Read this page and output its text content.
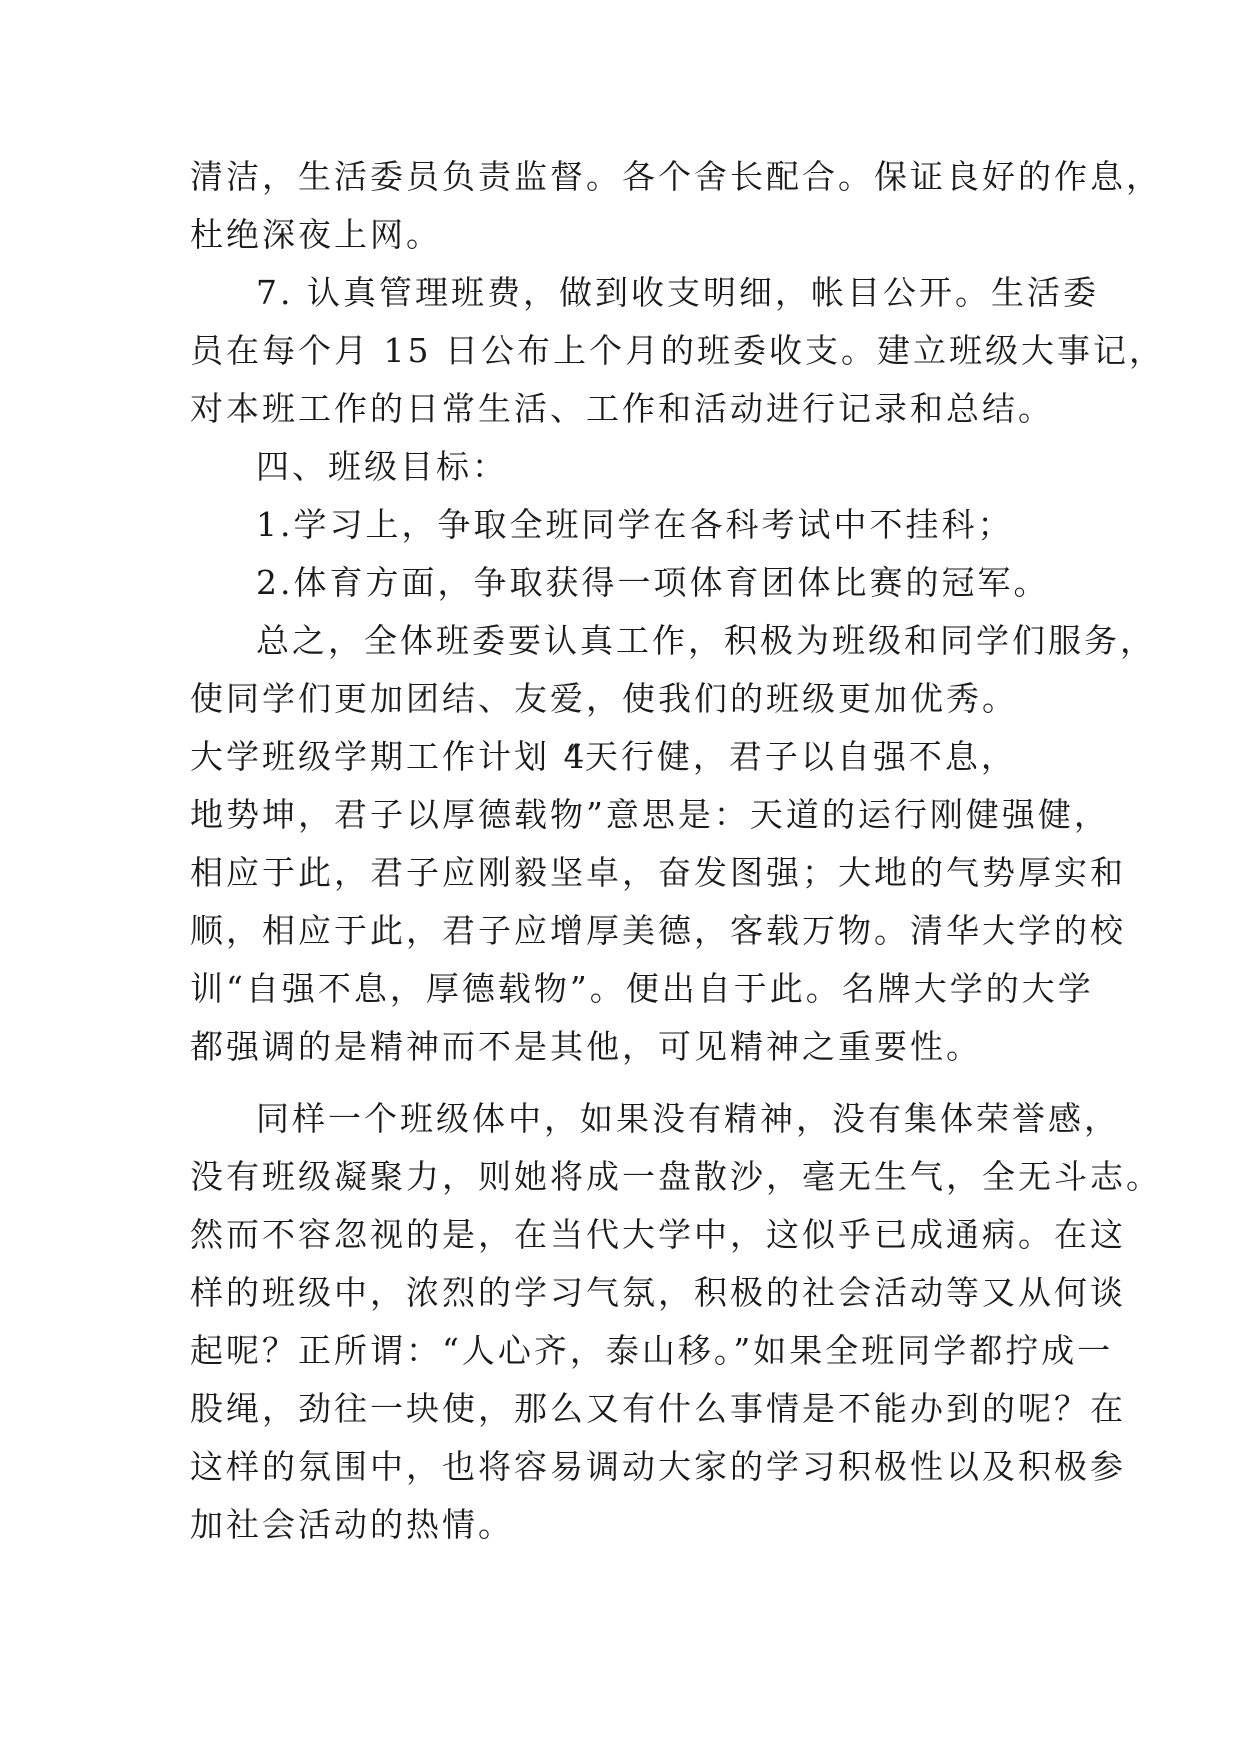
清洁，生活委员负责监督。各个舍长配合。保证良好的作息，
杜绝深夜上网。
7. 认真管理班费，做到收支明细，帐目公开。生活委
员在每个月 15 日公布上个月的班委收支。建立班级大事记，
对本班工作的日常生活、工作和活动进行记录和总结。
四、班级目标：
1.学习上，争取全班同学在各科考试中不挂科；
2.体育方面，争取获得一项体育团体比赛的冠军。
总之，全体班委要认真工作，积极为班级和同学们服务，
使同学们更加团结、友爱，使我们的班级更加优秀。
大学班级学期工作计划 4“天行健，君子以自强不息，
地势坤，君子以厚德载物”意思是：天道的运行刚健强健，
相应于此，君子应刚毅坚卓，奋发图强；大地的气势厚实和
顺，相应于此，君子应增厚美德，客载万物。清华大学的校
训“自强不息，厚德载物”。便出自于此。名牌大学的大学
都强调的是精神而不是其他，可见精神之重要性。
同样一个班级体中，如果没有精神，没有集体荣誉感，
没有班级凝聚力，则她将成一盘散沙，毫无生气，全无斗志。
然而不容忽视的是，在当代大学中，这似乎已成通病。在这
样的班级中，浓烈的学习气氛，积极的社会活动等又从何谈
起呢？正所谓：“人心齐，泰山移。”如果全班同学都拧成一
股绳，劲往一块使，那么又有什么事情是不能办到的呢？在
这样的氛围中，也将容易调动大家的学习积极性以及积极参
加社会活动的热情。
